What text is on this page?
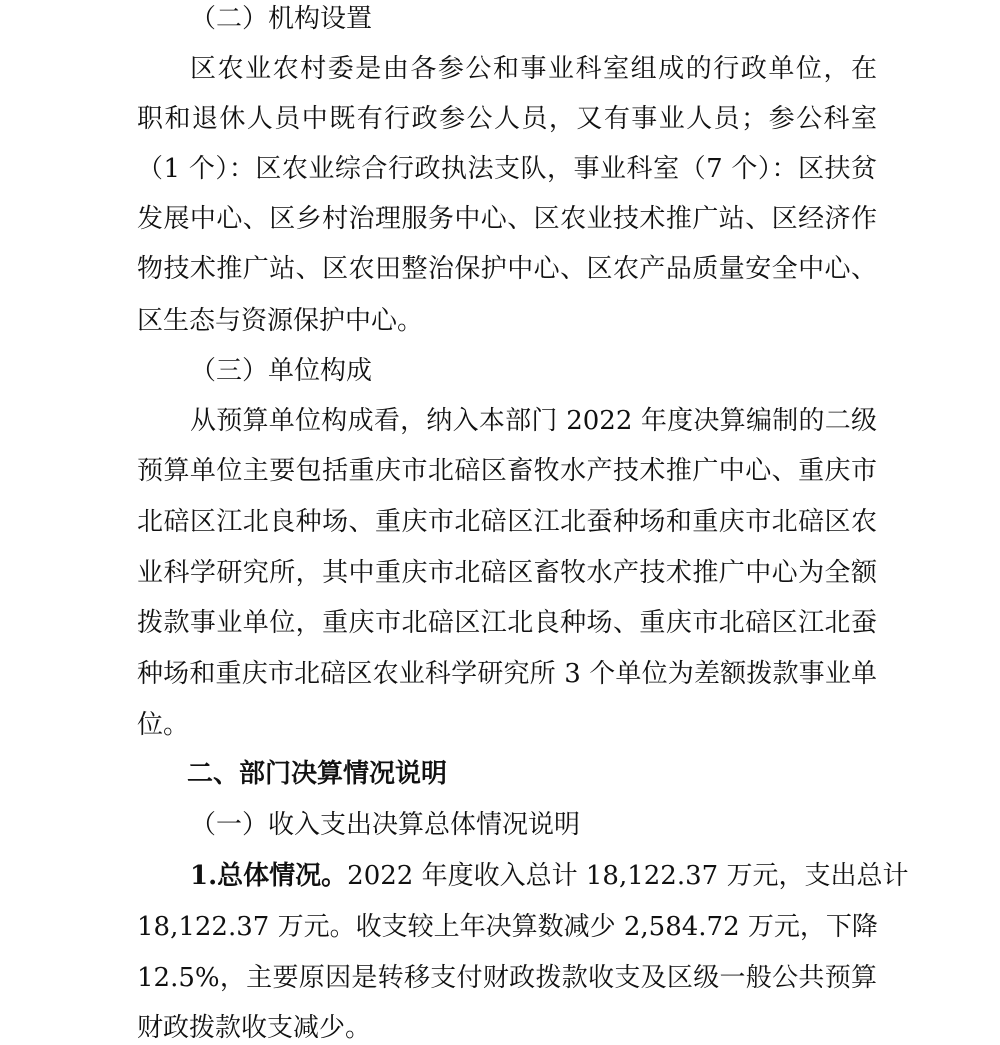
（二）机构设置
区农业农村委是由各参公和事业科室组成的行政单位，在
职和退休人员中既有行政参公人员，又有事业人员；参公科室
（1 个）：区农业综合行政执法支队，事业科室（7 个）：区扶贫
发展中心、区乡村治理服务中心、区农业技术推广站、区经济作
物技术推广站、区农田整治保护中心、区农产品质量安全中心、
区生态与资源保护中心。
（三）单位构成
从预算单位构成看，纳入本部门 2022 年度决算编制的二级
预算单位主要包括重庆市北碚区畜牧水产技术推广中心、重庆市
北碚区江北良种场、重庆市北碚区江北蚕种场和重庆市北碚区农
业科学研究所，其中重庆市北碚区畜牧水产技术推广中心为全额
拨款事业单位，重庆市北碚区江北良种场、重庆市北碚区江北蚕
种场和重庆市北碚区农业科学研究所 3 个单位为差额拨款事业单
位。
二、部门决算情况说明
（一）收入支出决算总体情况说明
1.总体情况。2022 年度收入总计 18,122.37 万元，支出总计
18,122.37 万元。收支较上年决算数减少 2,584.72 万元，下降
12.5%，主要原因是转移支付财政拨款收支及区级一般公共预算
财政拨款收支减少。
